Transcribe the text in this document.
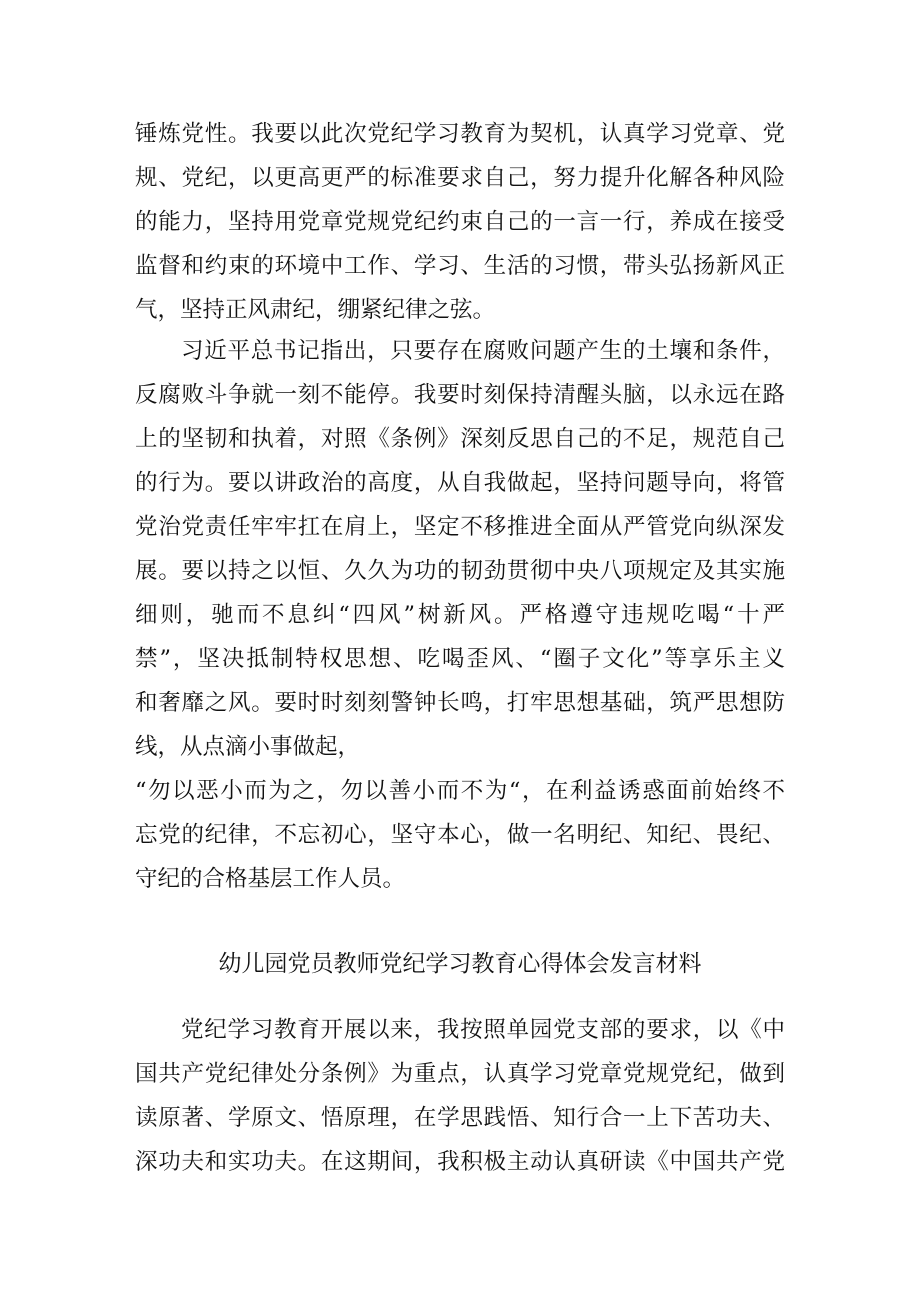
锤炼党性。我要以此次党纪学习教育为契机，认真学习党章、党
规、党纪，以更高更严的标准要求自己，努力提升化解各种风险
的能力，坚持用党章党规党纪约束自己的一言一行，养成在接受
监督和约束的环境中工作、学习、生活的习惯，带头弘扬新风正
气，坚持正风肃纪，绷紧纪律之弦。
习近平总书记指出，只要存在腐败问题产生的土壤和条件，
反腐败斗争就一刻不能停。我要时刻保持清醒头脑，以永远在路
上的坚韧和执着，对照《条例》深刻反思自己的不足，规范自己
的行为。要以讲政治的高度，从自我做起，坚持问题导向，将管
党治党责任牢牢扛在肩上，坚定不移推进全面从严管党向纵深发
展。要以持之以恒、久久为功的韧劲贯彻中央八项规定及其实施
细则，驰而不息纠“四风”树新风。严格遵守违规吃喝“十严
禁”，坚决抵制特权思想、吃喝歪风、“圈子文化”等享乐主义
和奢靡之风。要时时刻刻警钟长鸣，打牢思想基础，筑严思想防
线，从点滴小事做起，
“勿以恶小而为之，勿以善小而不为“，在利益诱惑面前始终不
忘党的纪律，不忘初心，坚守本心，做一名明纪、知纪、畏纪、
守纪的合格基层工作人员。
幼儿园党员教师党纪学习教育心得体会发言材料
党纪学习教育开展以来，我按照单园党支部的要求，以《中
国共产党纪律处分条例》为重点，认真学习党章党规党纪，做到
读原著、学原文、悟原理，在学思践悟、知行合一上下苦功夫、
深功夫和实功夫。在这期间，我积极主动认真研读《中国共产党
